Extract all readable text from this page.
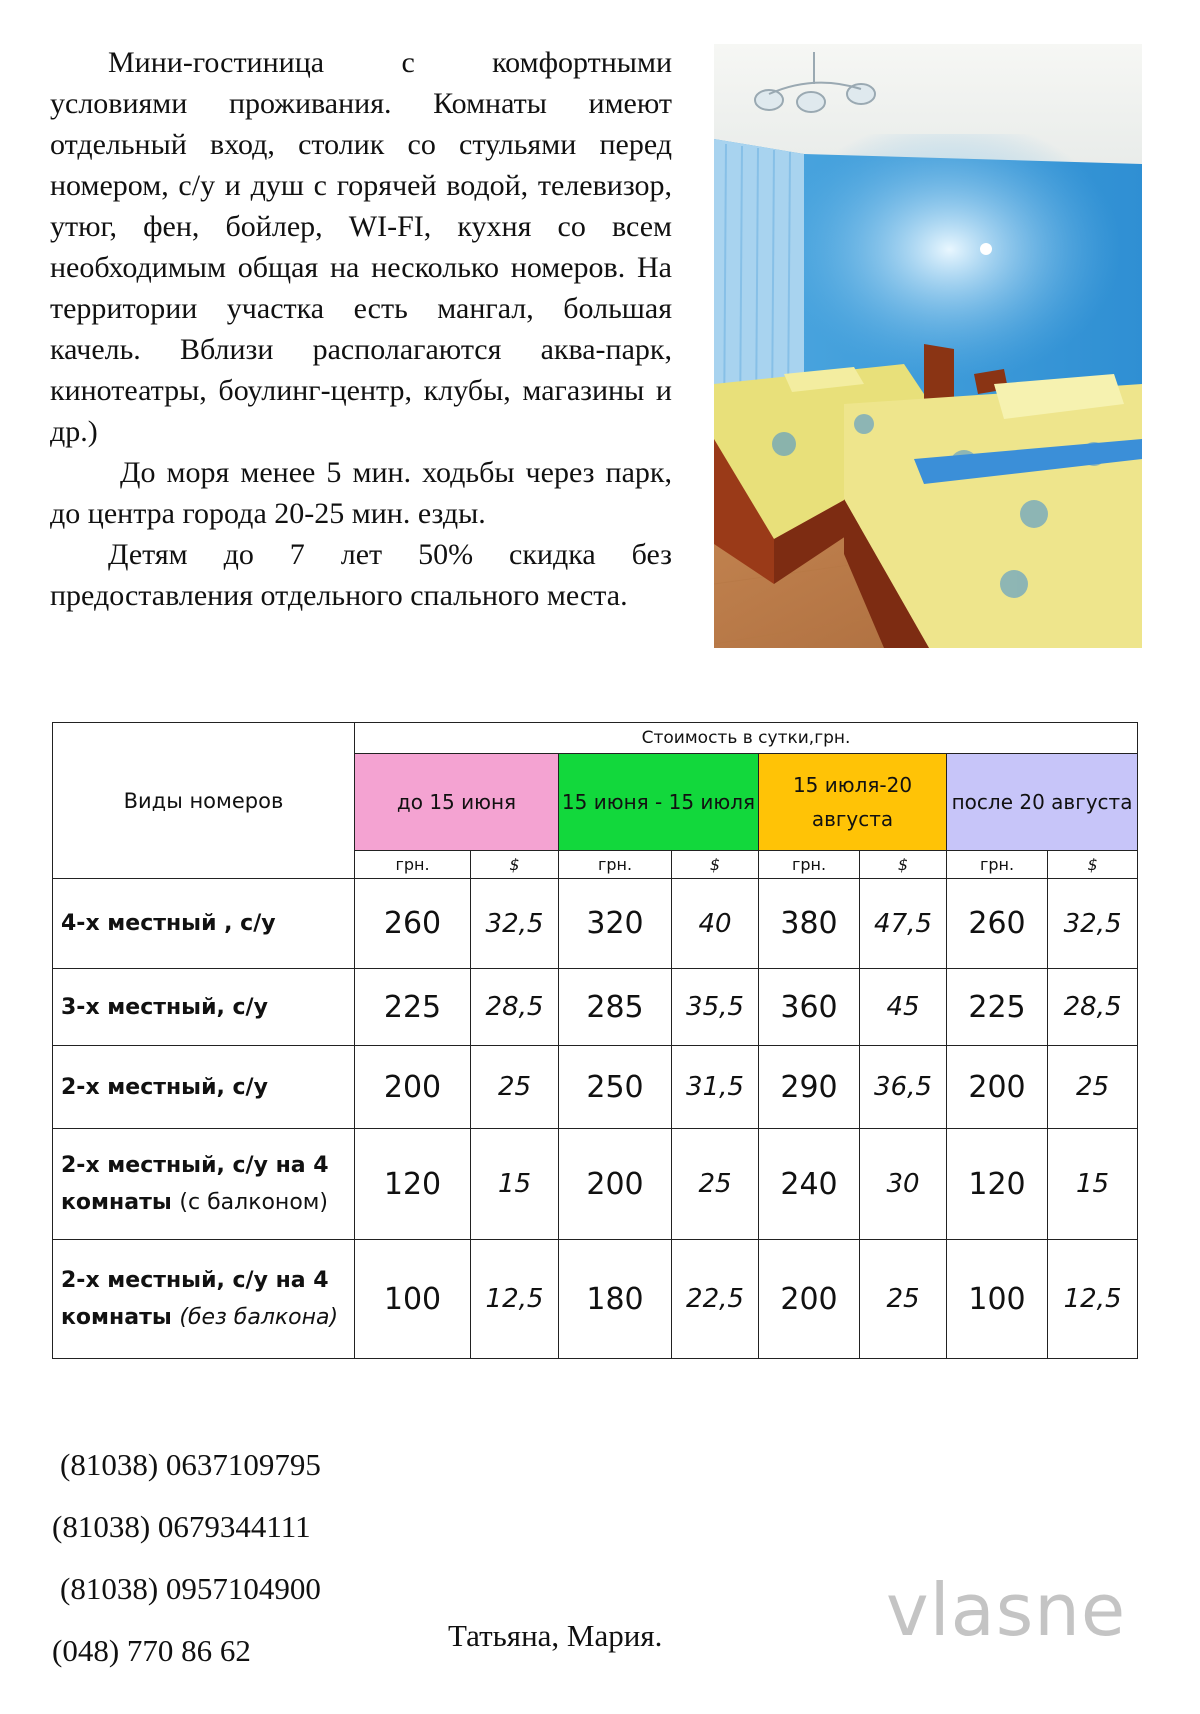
Мини-гостиница с комфортными условиями проживания. Комнаты имеют отдельный вход, столик со стульями перед номером, с/у и душ с горячей водой, телевизор, утюг, фен, бойлер, WI-FI, кухня со всем необходимым общая на несколько номеров. На территории участка есть мангал, большая качель. Вблизи располагаются аква-парк, кинотеатры, боулинг-центр, клубы, магазины и др.)

До моря менее 5 мин. ходьбы через парк, до центра города 20-25 мин. езды.

Детям до 7 лет 50% скидка без предоставления отдельного спального места.

Виды номеров	Стоимость в сутки,грн.							
	до 15 июня		15 июня - 15 июля		15 июля-20 августа		после 20 августа	
	грн.	$	грн.	$	грн.	$	грн.	$
4-х местный , с/у	260	32,5	320	40	380	47,5	260	32,5
3-х местный, с/у	225	28,5	285	35,5	360	45	225	28,5
2-х местный, с/у	200	25	250	31,5	290	36,5	200	25
2-х местный, с/у на 4 комнаты (с балконом)	120	15	200	25	240	30	120	15
2-х местный, с/у на 4 комнаты (без балкона)	100	12,5	180	22,5	200	25	100	12,5
(81038) 0637109795
(81038) 0679344111
(81038) 0957104900
(048) 770 86 62	Татьяна, Мария.	vlasne
